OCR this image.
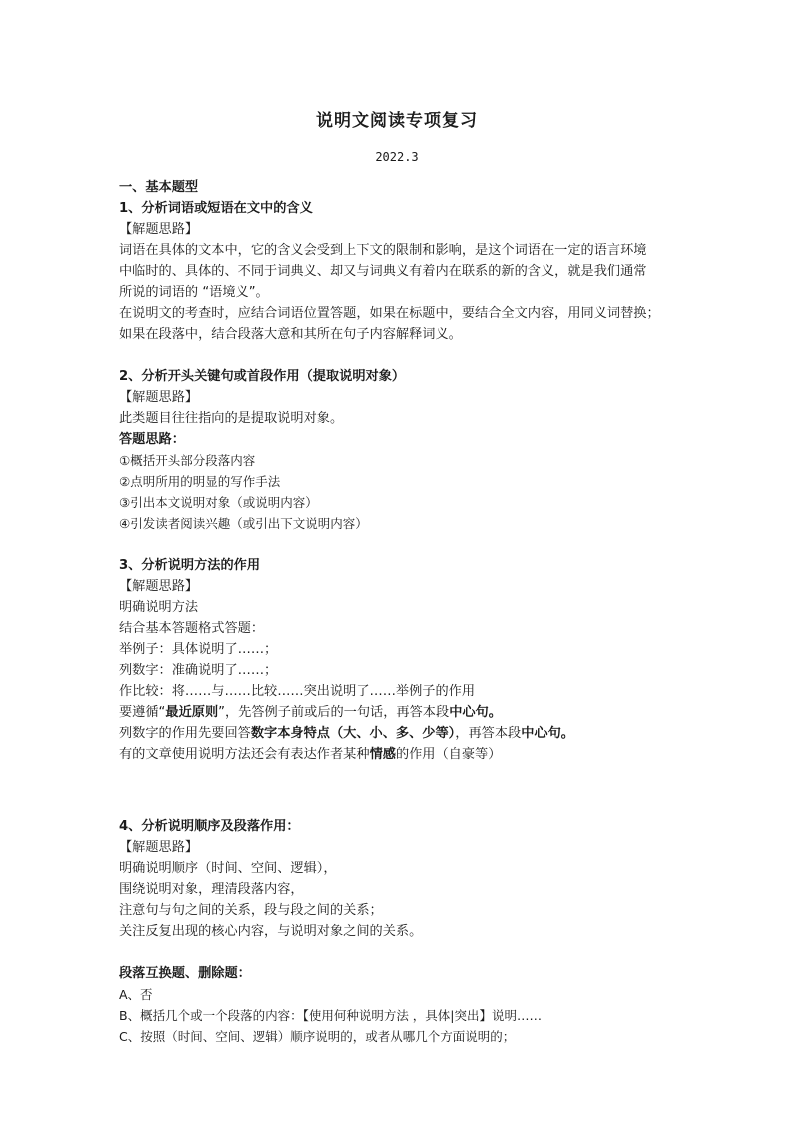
说明文阅读专项复习
2022.3
一、基本题型
1、分析词语或短语在文中的含义
【解题思路】
词语在具体的文本中，它的含义会受到上下文的限制和影响，是这个词语在一定的语言环境
中临时的、具体的、不同于词典义、却又与词典义有着内在联系的新的含义，就是我们通常
所说的词语的 “语境义”。
在说明文的考查时，应结合词语位置答题，如果在标题中，要结合全文内容，用同义词替换；
如果在段落中，结合段落大意和其所在句子内容解释词义。
2、分析开头关键句或首段作用（提取说明对象）
【解题思路】
此类题目往往指向的是提取说明对象。
答题思路：
①概括开头部分段落内容
②点明所用的明显的写作手法
③引出本文说明对象（或说明内容）
④引发读者阅读兴趣（或引出下文说明内容）
3、分析说明方法的作用
【解题思路】
明确说明方法
结合基本答题格式答题：
举例子：具体说明了……；
列数字：准确说明了……；
作比较：将……与……比较……突出说明了……举例子的作用
要遵循“最近原则”，先答例子前或后的一句话，再答本段中心句。
列数字的作用先要回答数字本身特点（大、小、多、少等），再答本段中心句。
有的文章使用说明方法还会有表达作者某种情感的作用（自豪等）
4、分析说明顺序及段落作用：
【解题思路】
明确说明顺序（时间、空间、逻辑），
围绕说明对象，理清段落内容，
注意句与句之间的关系，段与段之间的关系；
关注反复出现的核心内容，与说明对象之间的关系。
段落互换题、删除题：
A、否
B、概括几个或一个段落的内容：【使用何种说明方法 ，具体|突出】说明……
C、按照（时间、空间、逻辑）顺序说明的，或者从哪几个方面说明的；
